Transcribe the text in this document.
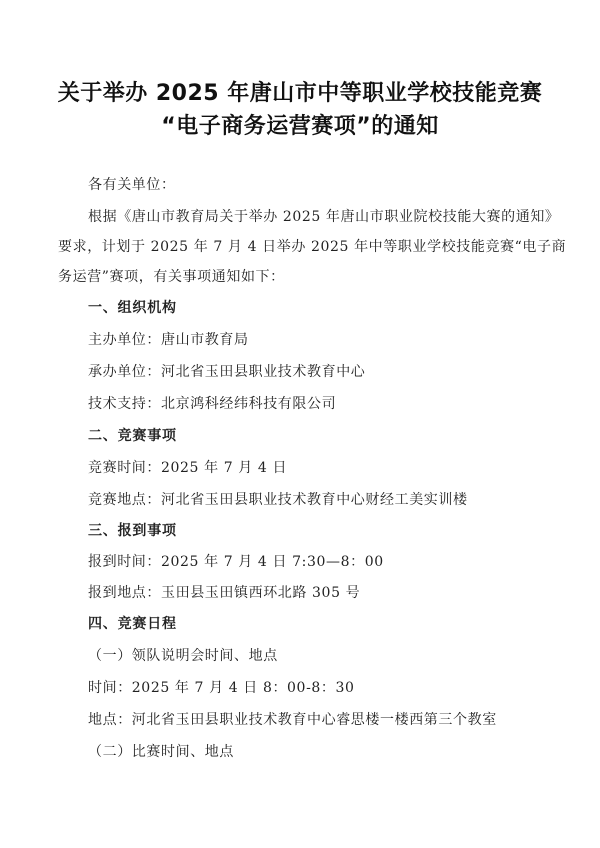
关于举办 2025 年唐山市中等职业学校技能竞赛
“电子商务运营赛项”的通知
各有关单位：
根据《唐山市教育局关于举办 2025 年唐山市职业院校技能大赛的通知》
要求，计划于 2025 年 7 月 4 日举办 2025 年中等职业学校技能竞赛“电子商
务运营”赛项，有关事项通知如下：
一、组织机构
主办单位：唐山市教育局
承办单位：河北省玉田县职业技术教育中心
技术支持：北京鸿科经纬科技有限公司
二、竞赛事项
竞赛时间：2025 年 7 月 4 日
竞赛地点：河北省玉田县职业技术教育中心财经工美实训楼
三、报到事项
报到时间：2025 年 7 月 4 日 7:30—8：00
报到地点：玉田县玉田镇西环北路 305 号
四、竞赛日程
（一）领队说明会时间、地点
时间：2025 年 7 月 4 日 8：00-8：30
地点：河北省玉田县职业技术教育中心睿思楼一楼西第三个教室
（二）比赛时间、地点
